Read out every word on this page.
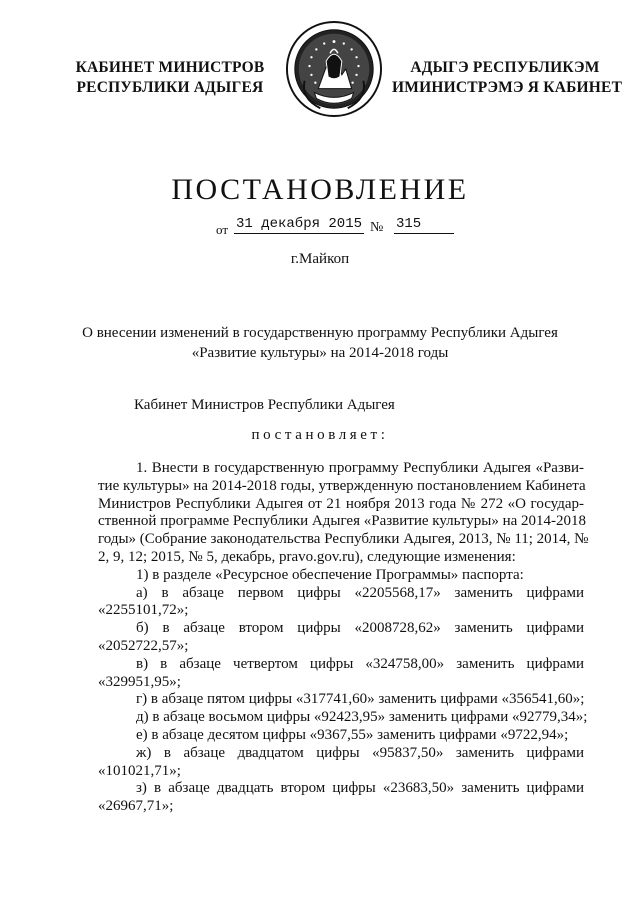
КАБИНЕТ МИНИСТРОВ
РЕСПУБЛИКИ АДЫГЕЯ
АДЫГЭ РЕСПУБЛИКЭМ
ИМИНИСТРЭМЭ Я КАБИНЕТ
ПОСТАНОВЛЕНИЕ
от 31 декабря 2015 № 315
г.Майкоп
О внесении изменений в государственную программу Республики Адыгея
«Развитие культуры» на 2014-2018 годы
Кабинет Министров Республики Адыгея
постановляет:
1. Внести в государственную программу Республики Адыгея «Разви-
тие культуры» на 2014-2018 годы, утвержденную постановлением Кабинета
Министров Республики Адыгея от 21 ноября 2013 года № 272 «О государ-
ственной программе Республики Адыгея «Развитие культуры» на 2014-2018
годы» (Собрание законодательства Республики Адыгея, 2013, № 11; 2014, №
2, 9, 12; 2015, № 5, декабрь, pravo.gov.ru), следующие изменения:
1) в разделе «Ресурсное обеспечение Программы» паспорта:
а) в абзаце первом цифры «2205568,17» заменить цифрами
«2255101,72»;
б) в абзаце втором цифры «2008728,62» заменить цифрами
«2052722,57»;
в) в абзаце четвертом цифры «324758,00» заменить цифрами
«329951,95»;
г) в абзаце пятом цифры «317741,60» заменить цифрами «356541,60»;
д) в абзаце восьмом цифры «92423,95» заменить цифрами «92779,34»;
е) в абзаце десятом цифры «9367,55» заменить цифрами «9722,94»;
ж) в абзаце двадцатом цифры «95837,50» заменить цифрами
«101021,71»;
з) в абзаце двадцать втором цифры «23683,50» заменить цифрами
«26967,71»;
